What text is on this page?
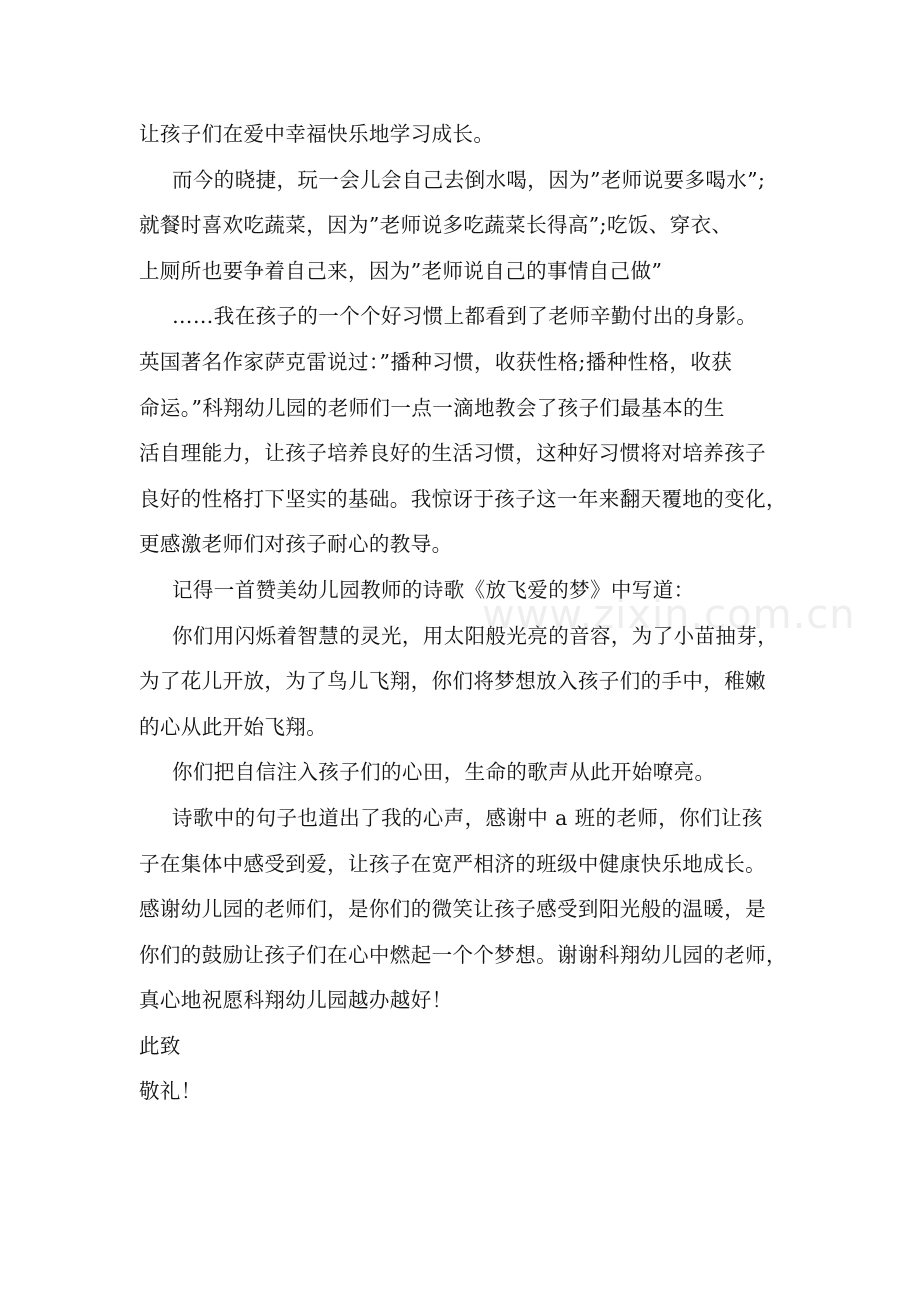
让孩子们在爱中幸福快乐地学习成长。
而今的晓捷，玩一会儿会自己去倒水喝，因为”老师说要多喝水”;
就餐时喜欢吃蔬菜，因为”老师说多吃蔬菜长得高”;吃饭、穿衣、
上厕所也要争着自己来，因为”老师说自己的事情自己做”
……我在孩子的一个个好习惯上都看到了老师辛勤付出的身影。
英国著名作家萨克雷说过：”播种习惯，收获性格;播种性格，收获
命运。”科翔幼儿园的老师们一点一滴地教会了孩子们最基本的生
活自理能力，让孩子培养良好的生活习惯，这种好习惯将对培养孩子
良好的性格打下坚实的基础。我惊讶于孩子这一年来翻天覆地的变化，
更感激老师们对孩子耐心的教导。
记得一首赞美幼儿园教师的诗歌《放飞爱的梦》中写道：
你们用闪烁着智慧的灵光，用太阳般光亮的音容，为了小苗抽芽，
为了花儿开放，为了鸟儿飞翔，你们将梦想放入孩子们的手中，稚嫩
的心从此开始飞翔。
你们把自信注入孩子们的心田，生命的歌声从此开始嘹亮。
诗歌中的句子也道出了我的心声，感谢中 a 班的老师，你们让孩
子在集体中感受到爱，让孩子在宽严相济的班级中健康快乐地成长。
感谢幼儿园的老师们，是你们的微笑让孩子感受到阳光般的温暖，是
你们的鼓励让孩子们在心中燃起一个个梦想。谢谢科翔幼儿园的老师，
真心地祝愿科翔幼儿园越办越好！
此致
敬礼！
www.zixin.com.cn
